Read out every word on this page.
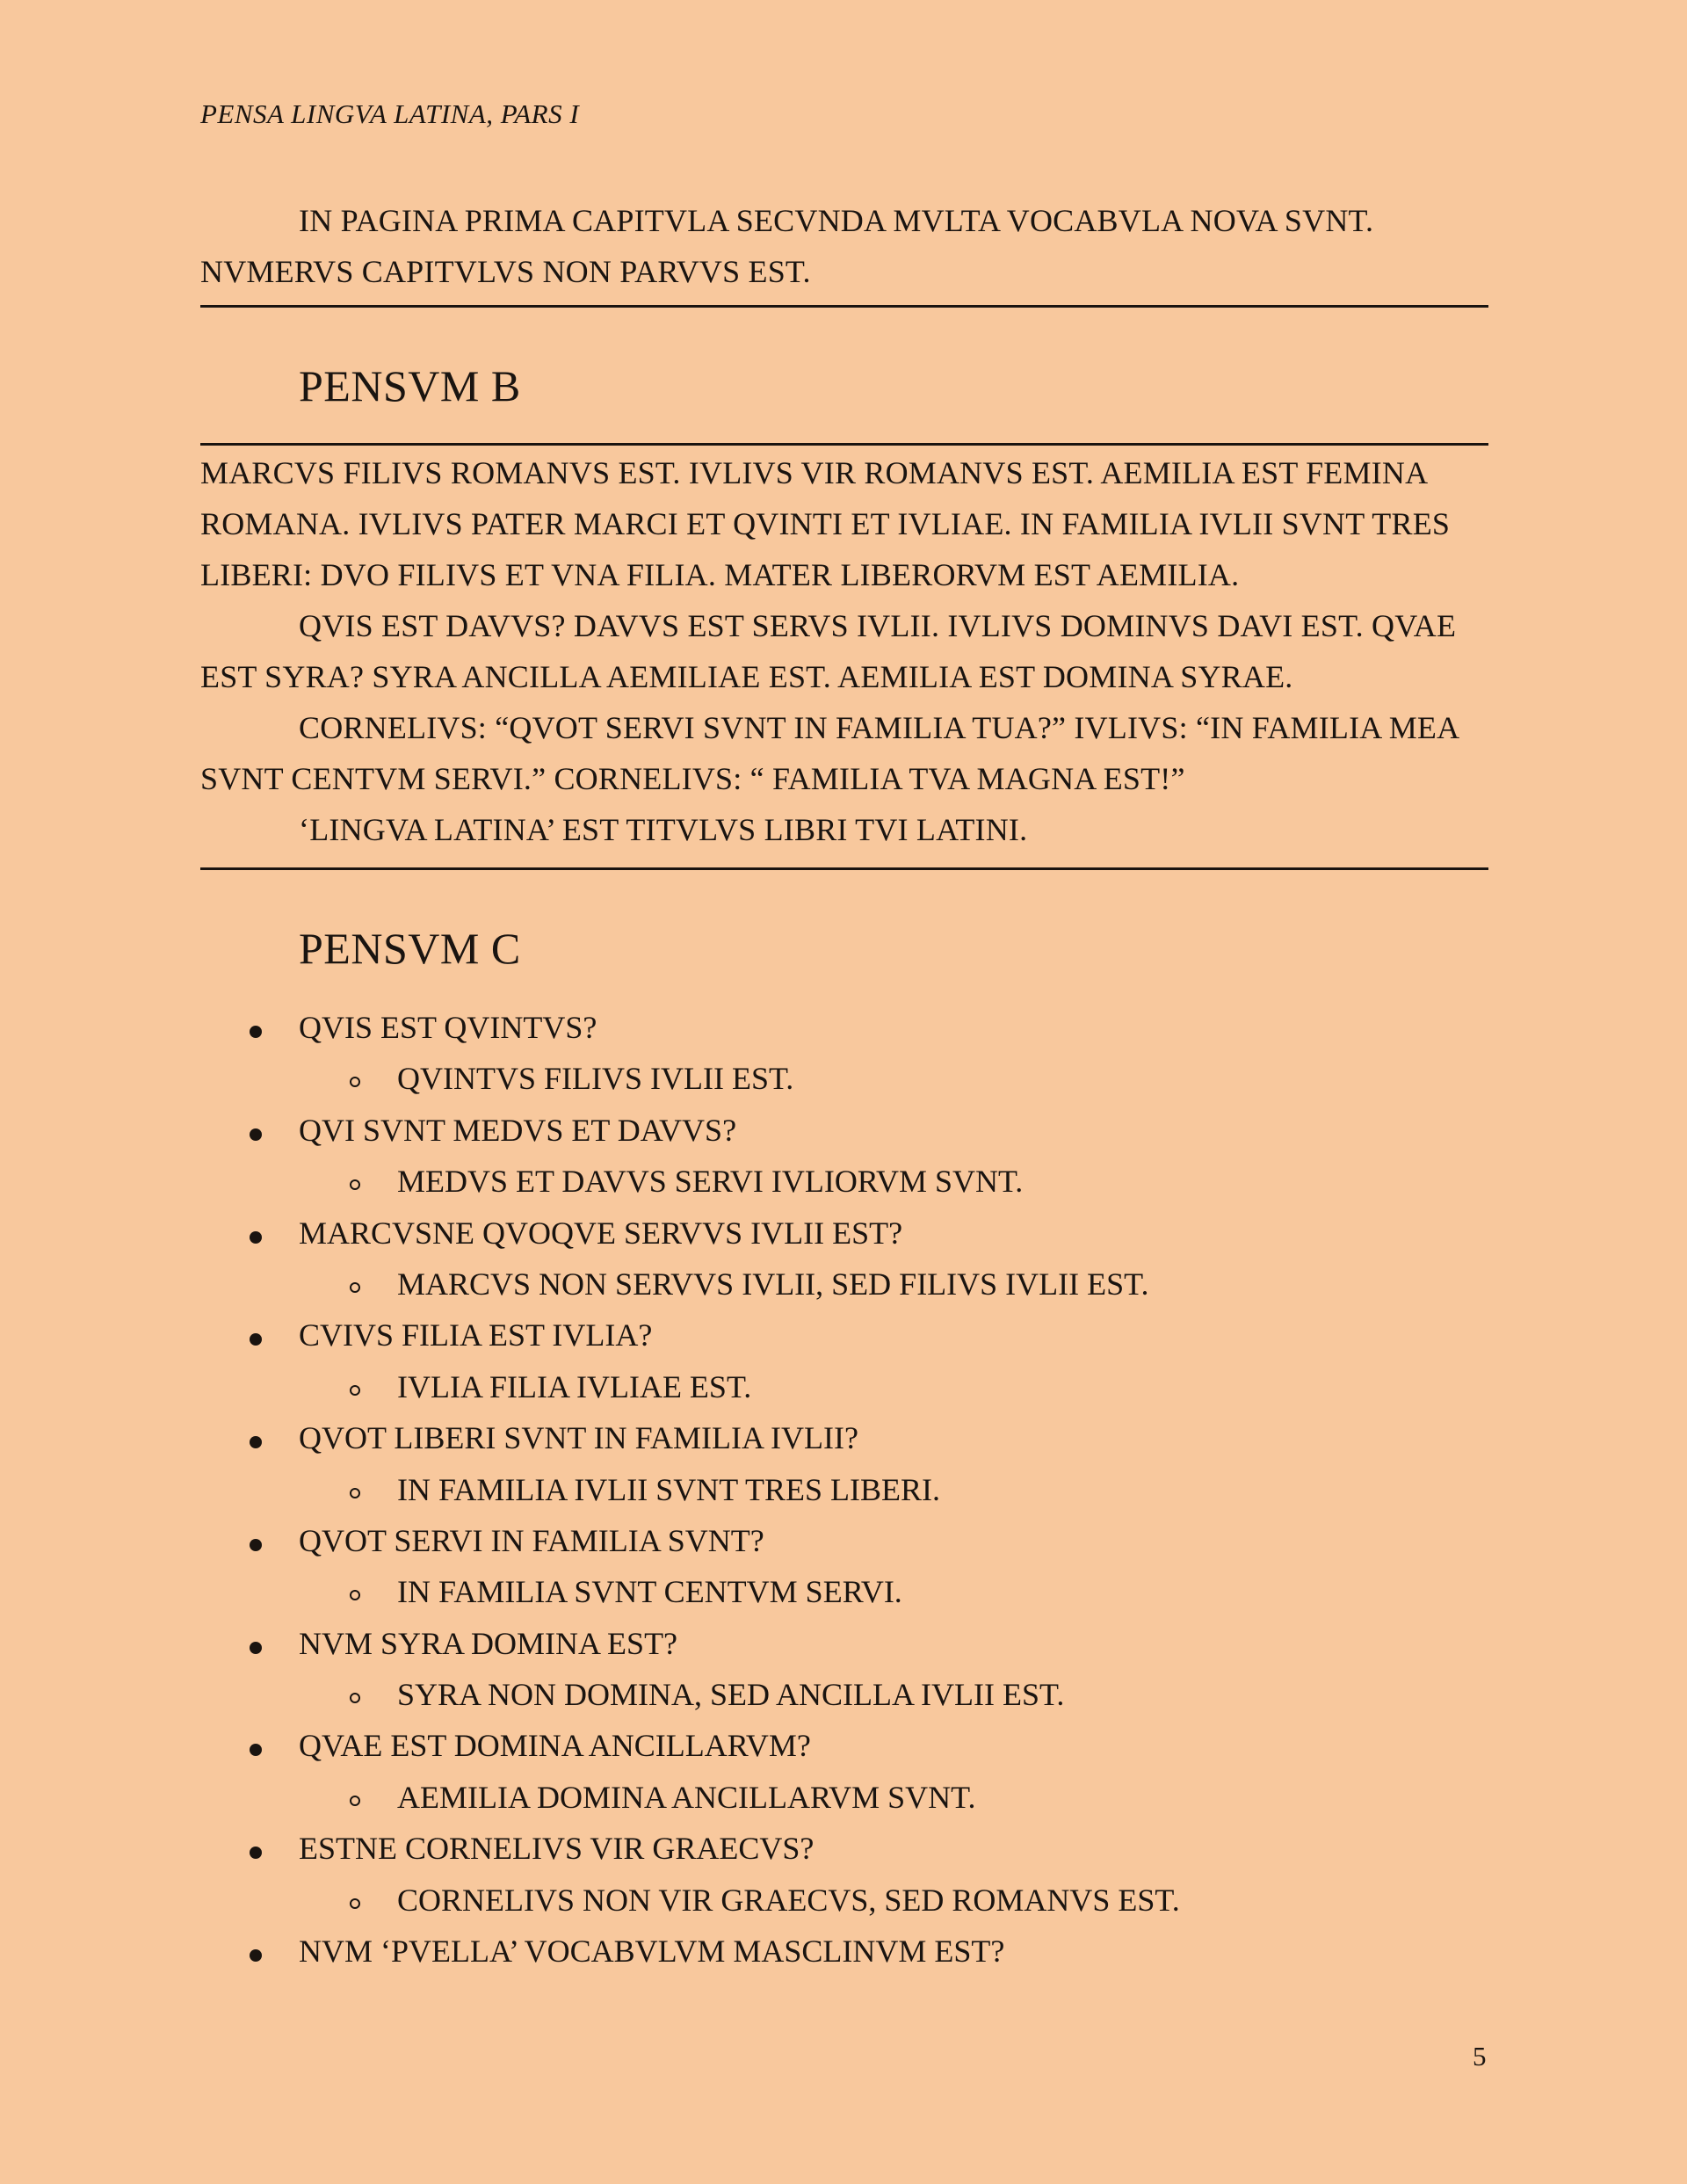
PENSA LINGVA LATINA, PARS I

IN PAGINA PRIMA CAPITVLA SECVNDA MVLTA VOCABVLA NOVA SVNT.

NVMERVS CAPITVLVS NON PARVVS EST.

PENSVM B

MARCVS FILIVS ROMANVS EST. IVLIVS VIR ROMANVS EST. AEMILIA EST FEMINA ROMANA. IVLIVS PATER MARCI ET QVINTI ET IVLIAE. IN FAMILIA IVLII SVNT TRES LIBERI: DVO FILIVS ET VNA FILIA. MATER LIBERORVM EST AEMILIA.

QVIS EST DAVVS? DAVVS EST SERVS IVLII. IVLIVS DOMINVS DAVI EST. QVAE EST SYRA? SYRA ANCILLA AEMILIAE EST. AEMILIA EST DOMINA SYRAE.

CORNELIVS: “QVOT SERVI SVNT IN FAMILIA TUA?” IVLIVS: “IN FAMILIA MEA SVNT CENTVM SERVI.” CORNELIVS: “ FAMILIA TVA MAGNA EST!”

‘LINGVA LATINA’ EST TITVLVS LIBRI TVI LATINI.

PENSVM C
QVIS EST QVINTVS?
QVINTVS FILIVS IVLII EST.
QVI SVNT MEDVS ET DAVVS?
MEDVS ET DAVVS SERVI IVLIORVM SVNT.
MARCVSNE QVOQVE SERVVS IVLII EST?
MARCVS NON SERVVS IVLII, SED FILIVS IVLII EST.
CVIVS FILIA EST IVLIA?
IVLIA FILIA IVLIAE EST.
QVOT LIBERI SVNT IN FAMILIA IVLII?
IN FAMILIA IVLII SVNT TRES LIBERI.
QVOT SERVI IN FAMILIA SVNT?
IN FAMILIA SVNT CENTVM SERVI.
NVM SYRA DOMINA EST?
SYRA NON DOMINA, SED ANCILLA IVLII EST.
QVAE EST DOMINA ANCILLARVM?
AEMILIA DOMINA ANCILLARVM SVNT.
ESTNE CORNELIVS VIR GRAECVS?
CORNELIVS NON VIR GRAECVS, SED ROMANVS EST.
NVM ‘PVELLA’ VOCABVLVM MASCLINVM EST?
5
